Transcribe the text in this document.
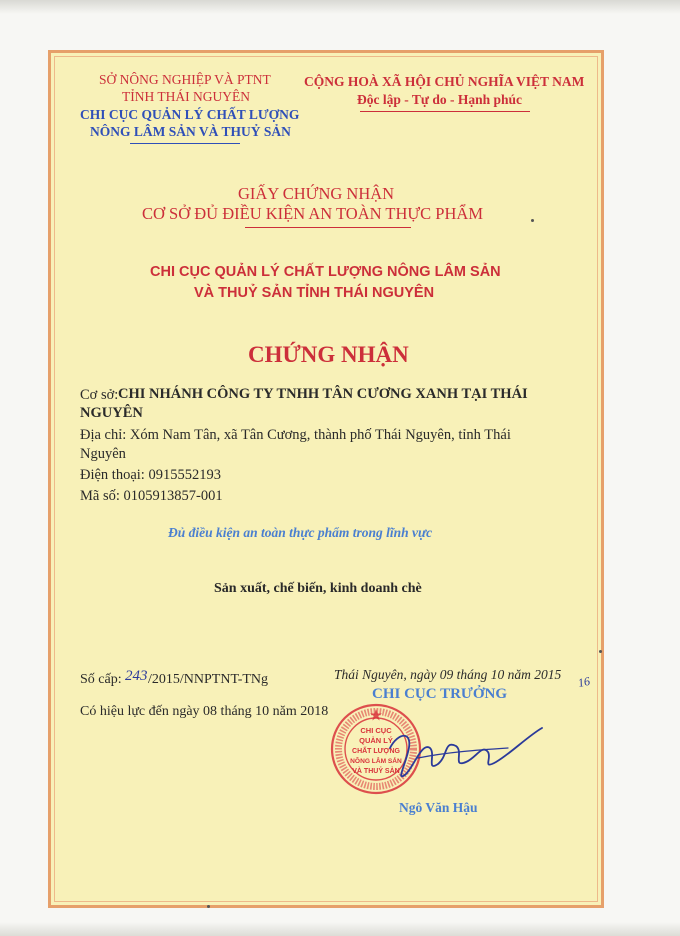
SỞ NÔNG NGHIỆP VÀ PTNT
TỈNH THÁI NGUYÊN
CHI CỤC QUẢN LÝ CHẤT LƯỢNG
NÔNG LÂM SẢN VÀ THUỶ SẢN
CỘNG HOÀ XÃ HỘI CHỦ NGHĨA VIỆT NAM
Độc lập - Tự do - Hạnh phúc
GIẤY CHỨNG NHẬN
CƠ SỞ ĐỦ ĐIỀU KIỆN AN TOÀN THỰC PHẨM
CHI CỤC QUẢN LÝ CHẤT LƯỢNG NÔNG LÂM SẢN
VÀ THUỶ SẢN TỈNH THÁI NGUYÊN
CHỨNG NHẬN
Cơ sở: CHI NHÁNH CÔNG TY TNHH TÂN CƯƠNG XANH TẠI THÁI
NGUYÊN
Địa chỉ: Xóm Nam Tân, xã Tân Cương, thành phố Thái Nguyên, tỉnh Thái
Nguyên
Điện thoại: 0915552193
Mã số: 0105913857-001
Đủ điều kiện an toàn thực phẩm trong lĩnh vực
Sản xuất, chế biến, kinh doanh chè
Số cấp: 243 /2015/NNPTNT-TNg
Có hiệu lực đến ngày 08 tháng 10 năm 2018
Thái Nguyên, ngày 09 tháng 10 năm 2015 16
CHI CỤC TRƯỞNG
Ngô Văn Hậu
CHI CỤC
QUẢN LÝ
CHẤT LƯỢNG
NÔNG LÂM SẢN
VÀ THUỶ SẢN
